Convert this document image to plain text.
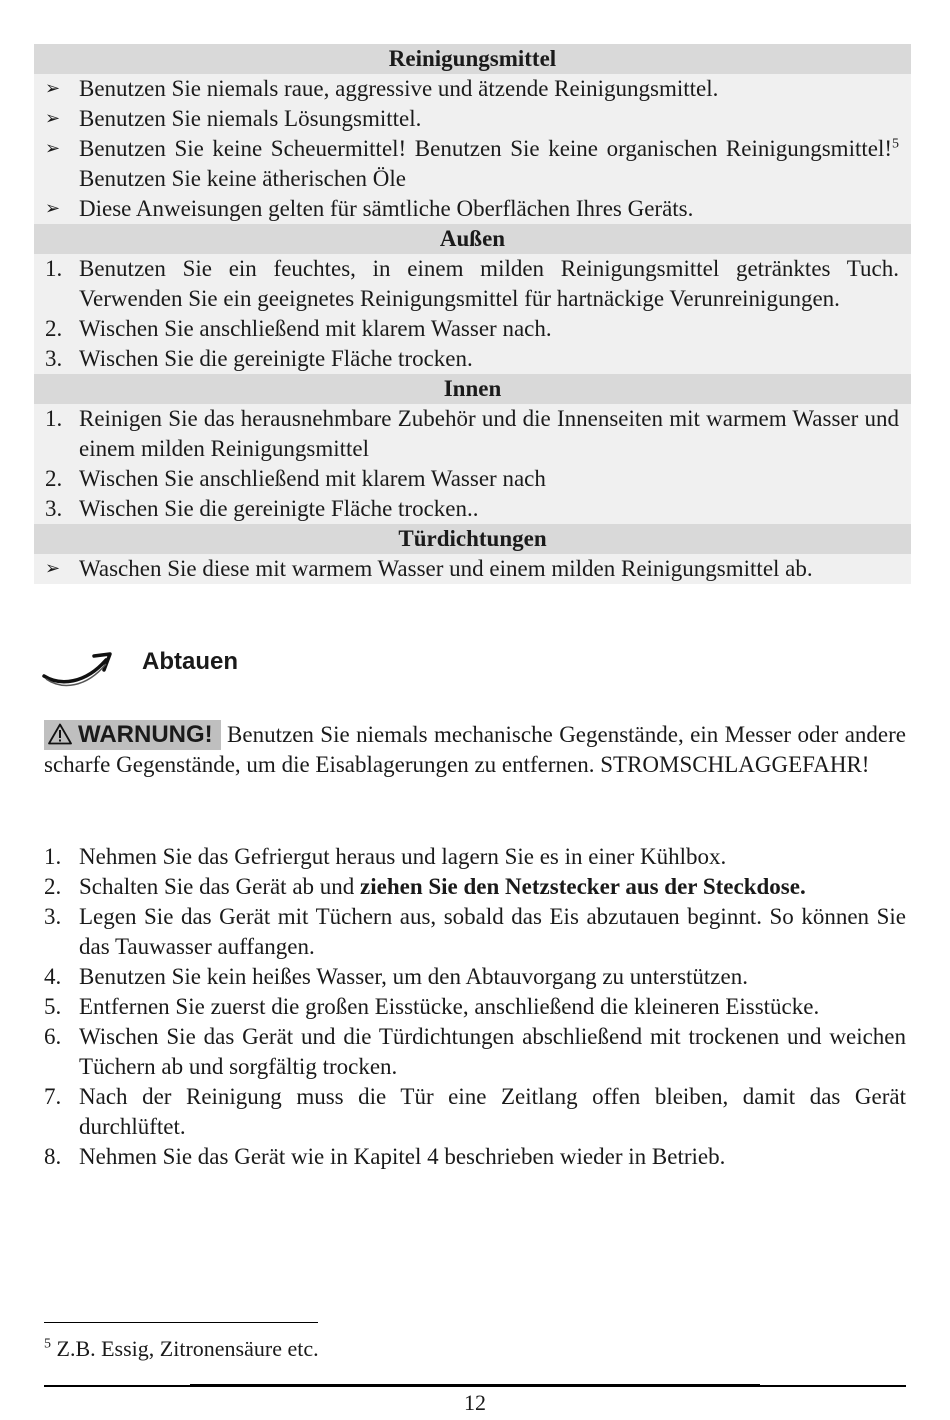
Reinigungsmittel
➢ Benutzen Sie niemals raue, aggressive und ätzende Reinigungsmittel.
➢ Benutzen Sie niemals Lösungsmittel.
➢ Benutzen Sie keine Scheuermittel! Benutzen Sie keine organischen Reinigungsmittel!$^5$ Benutzen Sie keine ätherischen Öle
➢ Diese Anweisungen gelten für sämtliche Oberflächen Ihres Geräts.
Außen
1. Benutzen Sie ein feuchtes, in einem milden Reinigungsmittel getränktes Tuch. Verwenden Sie ein geeignetes Reinigungsmittel für hartnäckige Verunreinigungen.
2. Wischen Sie anschließend mit klarem Wasser nach.
3. Wischen Sie die gereinigte Fläche trocken.
Innen
1. Reinigen Sie das herausnehmbare Zubehör und die Innenseiten mit warmem Wasser und einem milden Reinigungsmittel
2. Wischen Sie anschließend mit klarem Wasser nach
3. Wischen Sie die gereinigte Fläche trocken..
Türdichtungen
➢ Waschen Sie diese mit warmem Wasser und einem milden Reinigungsmittel ab.
Abtauen
WARNUNG! Benutzen Sie niemals mechanische Gegenstände, ein Messer oder andere scharfe Gegenstände, um die Eisablagerungen zu entfernen. STROMSCHLAGGEFAHR!
1. Nehmen Sie das Gefriergut heraus und lagern Sie es in einer Kühlbox.
2. Schalten Sie das Gerät ab und ziehen Sie den Netzstecker aus der Steckdose.
3. Legen Sie das Gerät mit Tüchern aus, sobald das Eis abzutauen beginnt. So können Sie das Tauwasser auffangen.
4. Benutzen Sie kein heißes Wasser, um den Abtauvorgang zu unterstützen.
5. Entfernen Sie zuerst die großen Eisstücke, anschließend die kleineren Eisstücke.
6. Wischen Sie das Gerät und die Türdichtungen abschließend mit trockenen und weichen Tüchern ab und sorgfältig trocken.
7. Nach der Reinigung muss die Tür eine Zeitlang offen bleiben, damit das Gerät durchlüftet.
8. Nehmen Sie das Gerät wie in Kapitel 4 beschrieben wieder in Betrieb.
$^5$ Z.B. Essig, Zitronensäure etc.
12
